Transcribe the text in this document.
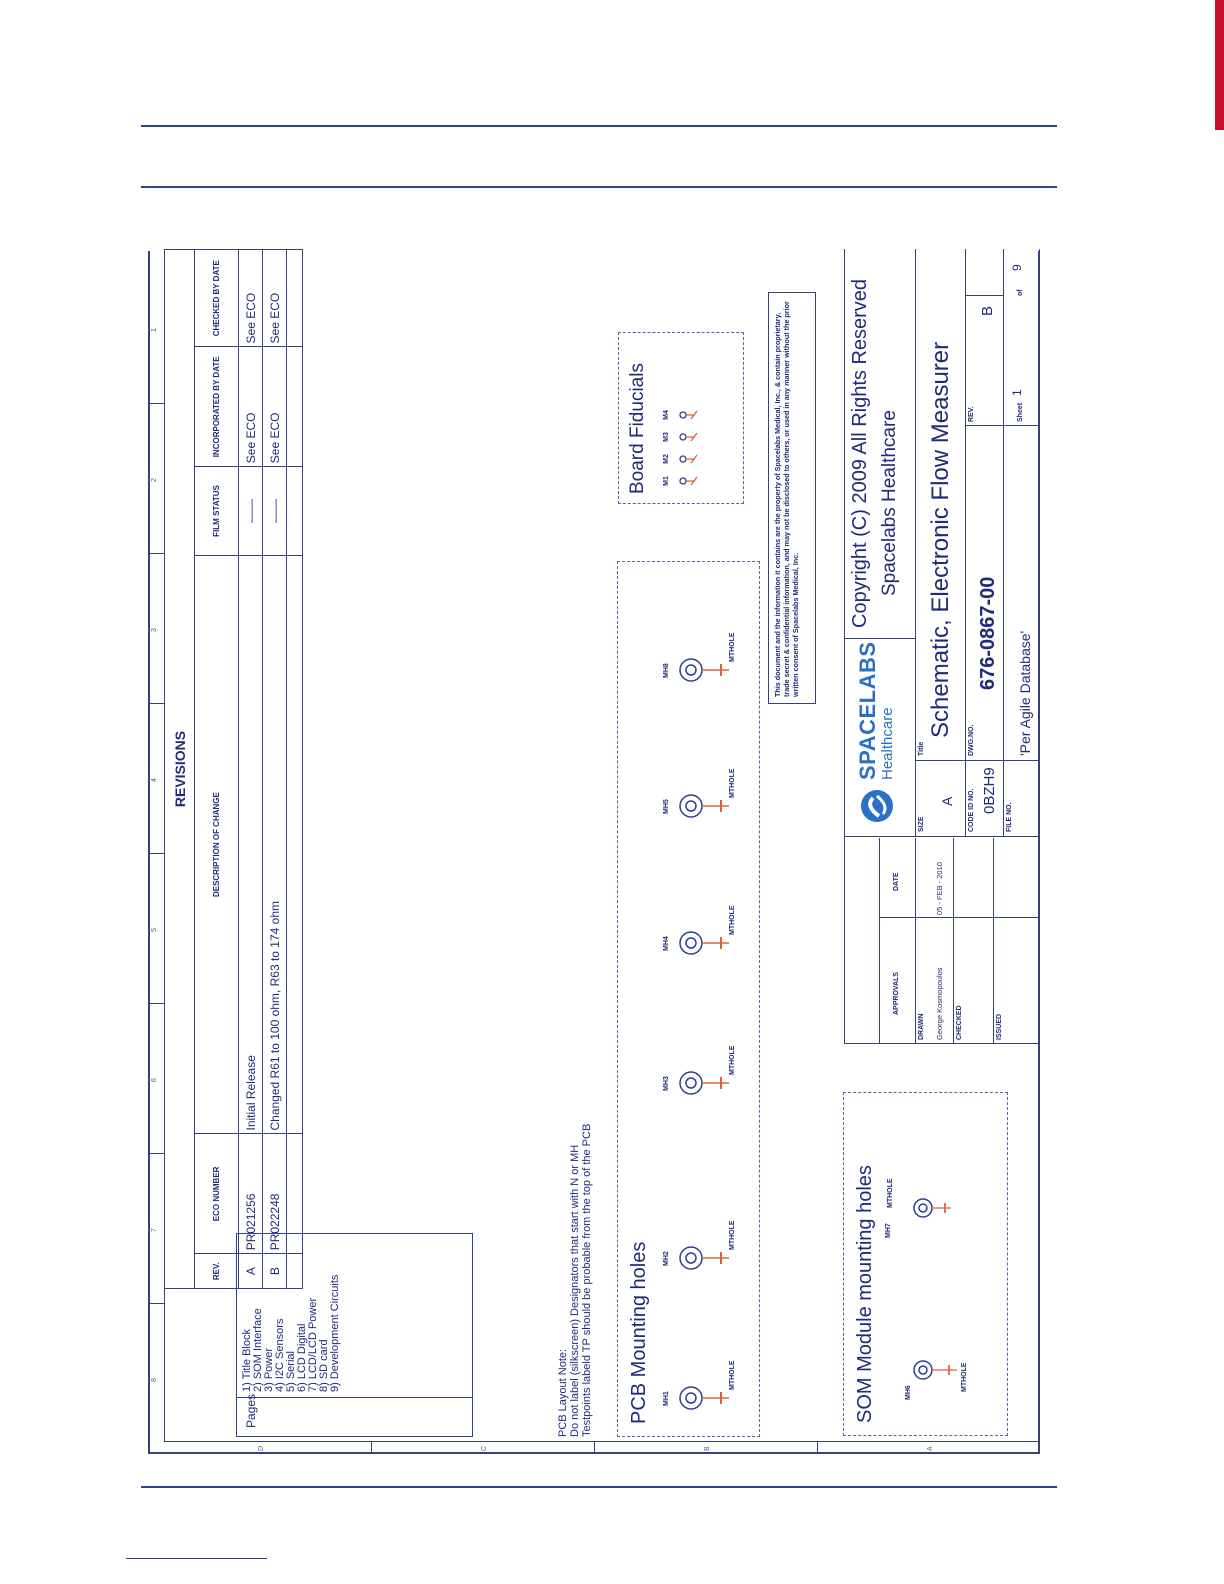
8
7
6
5
4
3
2
1
D	C	B	A
REVISIONS					
REV.	ECO NUMBER	DESCRIPTION OF CHANGE	FILM STATUS	INCORPORATED BY DATE	CHECKED BY DATE
A	PR021256	Initial Release	——	See ECO	See ECO
B	PR022248	Changed R61 to 100 ohm, R63 to 174 ohm	——	See ECO	See ECO

Pages
1) Title Block 2) SOM Interface 3) Power 4) I2C Sensors 5) Serial 6) LCD Digital 7) LCD/LCD Power 8) SD card 9) Development Circuits
PCB Layout Note: Do not label (silkscreen) Designators that start with N or MH Testpoints labeld TP should be probable from the top of the PCB PCB Mounting holes MH1
MTHOLE
MH2
MTHOLE
MH3
MTHOLE
MH4
MTHOLE
MH5
MTHOLE
MH8
MTHOLE
Board Fiducials M1
M2
M3
M4
SOM Module mounting holes	MH6
MTHOLE
MH7
MTHOLE
This document and the information it contains are the property of Spacelabs Medical, Inc., & contain proprietary, trade secret & confidential information, and may not be disclosed to others, or used in any manner without the prior written consent of Spacelabs Medical, Inc.
APPROVALS
DATE
DRAWN George Kosmopoulos
05 - FEB - 2010
CHECKED	ISSUED
SPACELABS Healthcare
Copyright (C) 2009 All Rights Reserved Spacelabs Healthcare
SIZE
A
Title
Schematic, Electronic Flow Measurer
CODE ID NO. 0BZH9
DWG.NO.
676-0867-00
REV.
B
FILE NO.
'Per Agile Database'
Sheet
1
of
9
